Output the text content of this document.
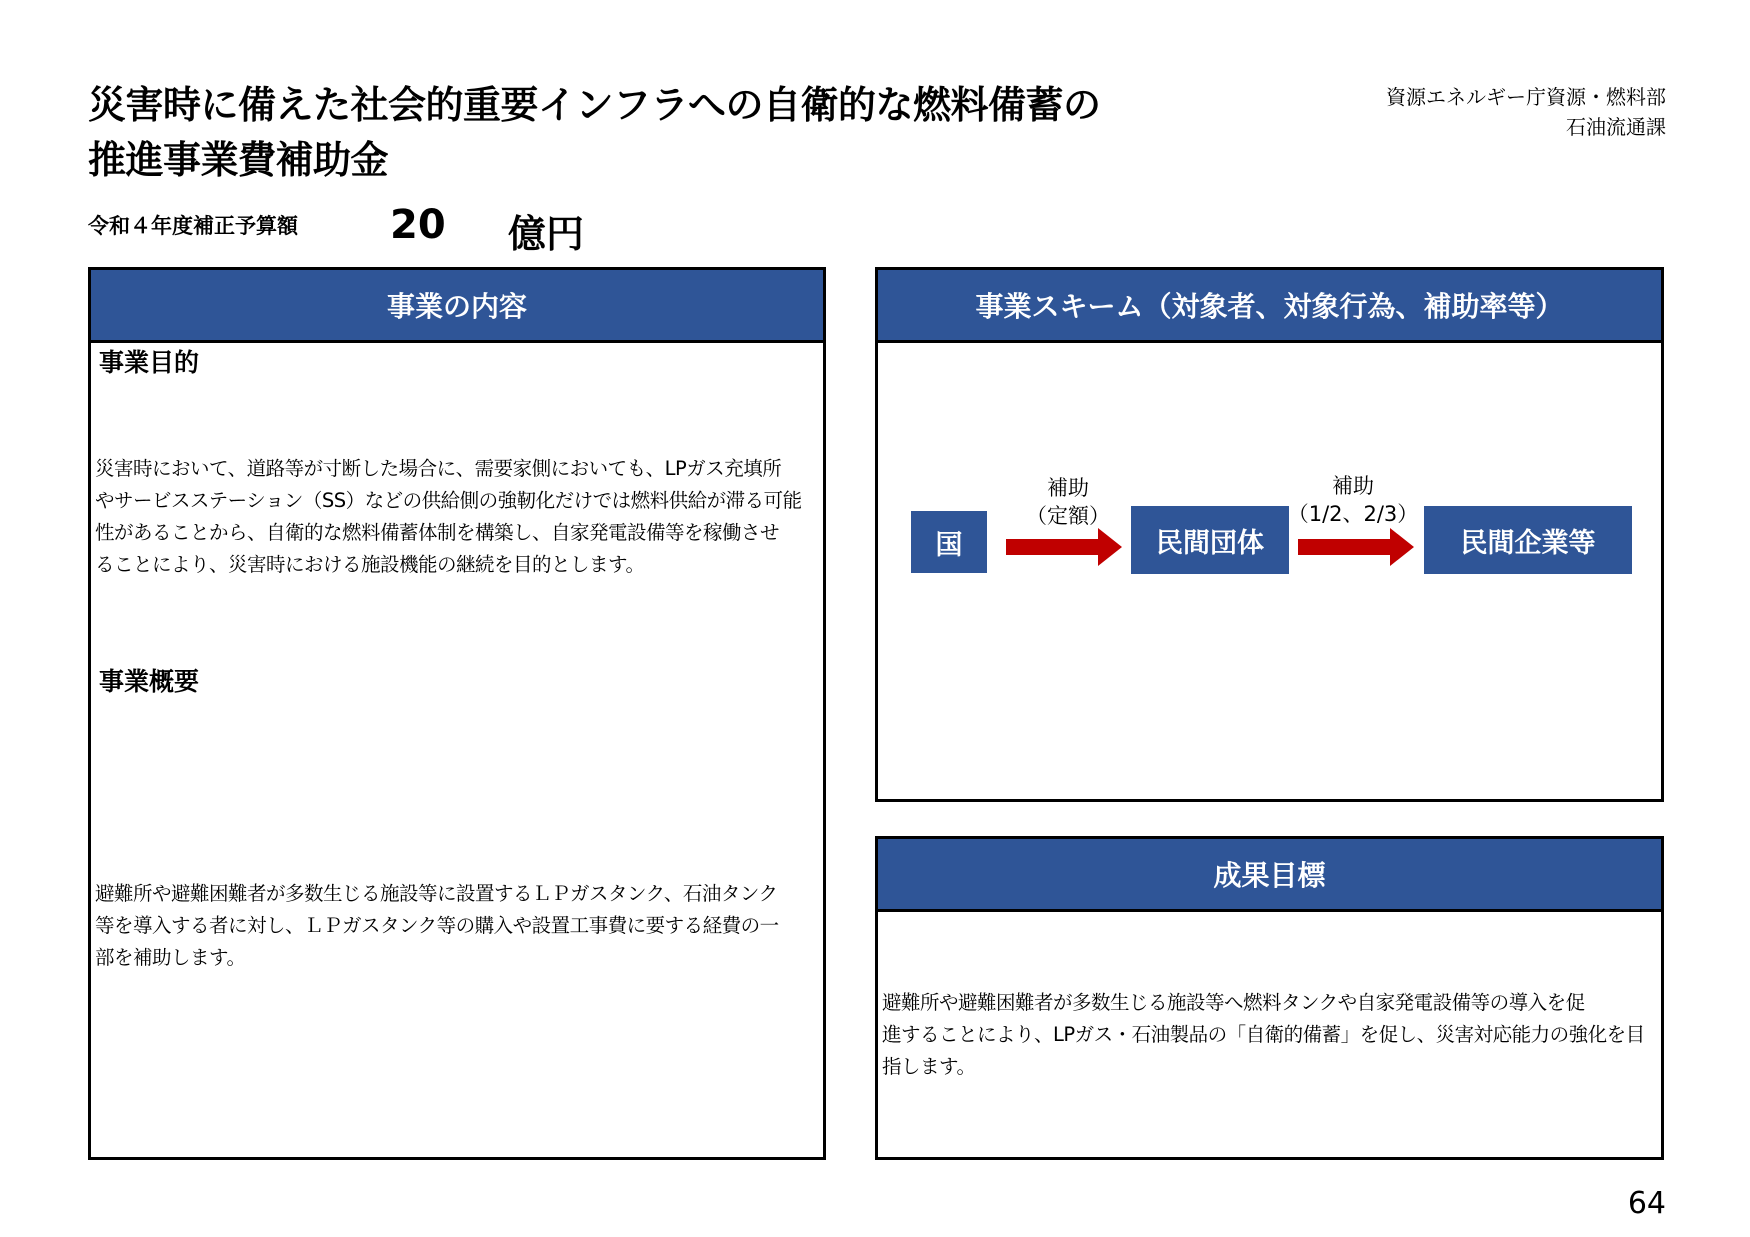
災害時に備えた社会的重要インフラへの自衛的な燃料備蓄の
推進事業費補助金
資源エネルギー庁資源・燃料部
石油流通課
令和４年度補正予算額 20 億円
事業の内容
事業目的
災害時において、道路等が寸断した場合に、需要家側においても、LPガス充填所
やサービスステーション（SS）などの供給側の強靭化だけでは燃料供給が滞る可能
性があることから、自衛的な燃料備蓄体制を構築し、自家発電設備等を稼働させ
ることにより、災害時における施設機能の継続を目的とします。
事業概要
避難所や避難困難者が多数生じる施設等に設置するＬＰガスタンク、石油タンク
等を導入する者に対し、ＬＰガスタンク等の購入や設置工事費に要する経費の一
部を補助します。
事業スキーム（対象者、対象行為、補助率等）
国
補助
（定額）
民間団体
補助
（1/2、2/3）
民間企業等
成果目標
避難所や避難困難者が多数生じる施設等へ燃料タンクや自家発電設備等の導入を促
進することにより、LPガス・石油製品の「自衛的備蓄」を促し、災害対応能力の強化を目
指します。
64
